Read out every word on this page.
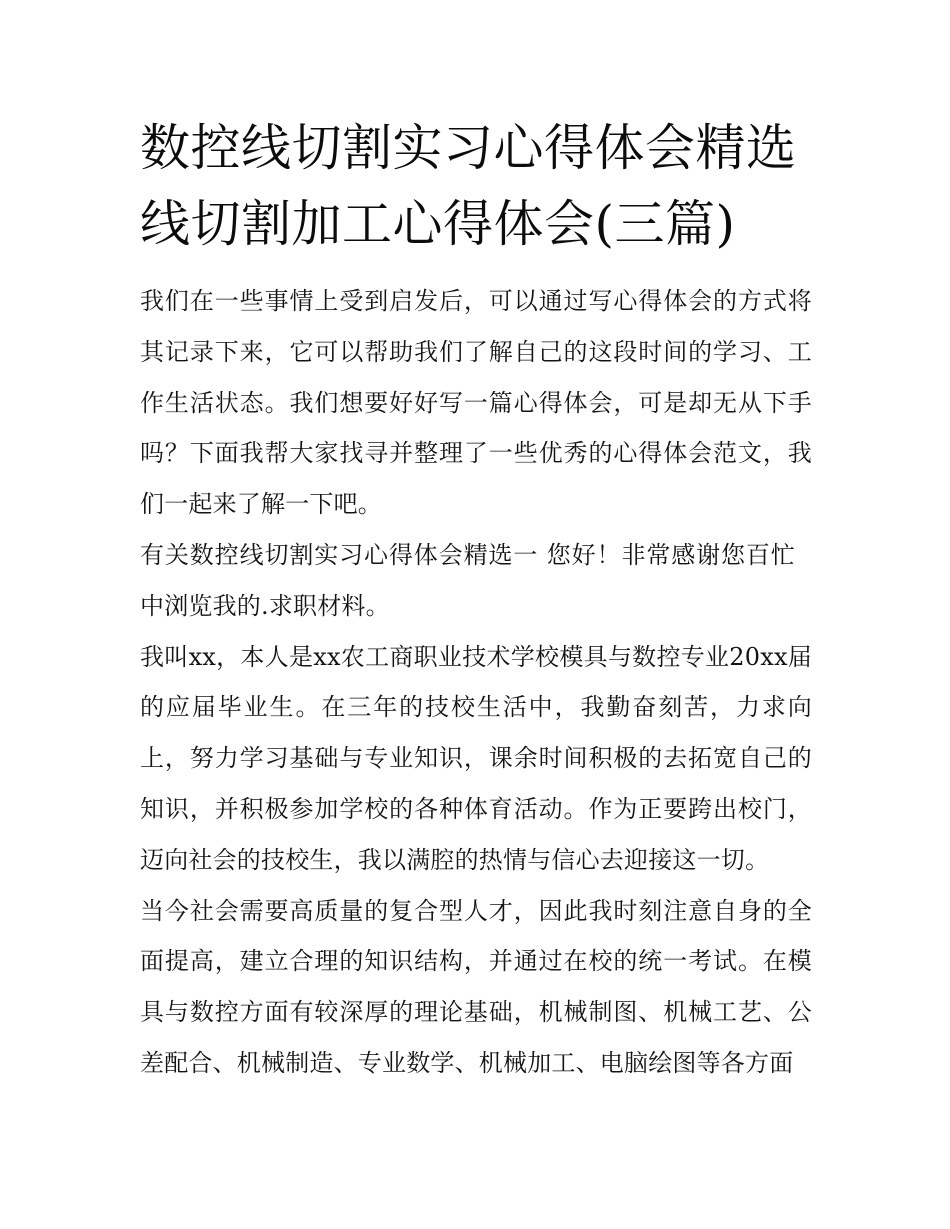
数控线切割实习心得体会精选线切割加工心得体会(三篇)

我们在一些事情上受到启发后，可以通过写心得体会的方式将其记录下来，它可以帮助我们了解自己的这段时间的学习、工作生活状态。我们想要好好写一篇心得体会，可是却无从下手吗？下面我帮大家找寻并整理了一些优秀的心得体会范文，我们一起来了解一下吧。

有关数控线切割实习心得体会精选一 您好！非常感谢您百忙中浏览我的.求职材料。

我叫xx，本人是xx农工商职业技术学校模具与数控专业20xx届的应届毕业生。在三年的技校生活中，我勤奋刻苦，力求向上，努力学习基础与专业知识，课余时间积极的去拓宽自己的知识，并积极参加学校的各种体育活动。作为正要跨出校门，迈向社会的技校生，我以满腔的热情与信心去迎接这一切。

当今社会需要高质量的复合型人才，因此我时刻注意自身的全面提高，建立合理的知识结构，并通过在校的统一考试。在模具与数控方面有较深厚的理论基础，机械制图、机械工艺、公差配合、机械制造、专业数学、机械加工、电脑绘图等各方面
